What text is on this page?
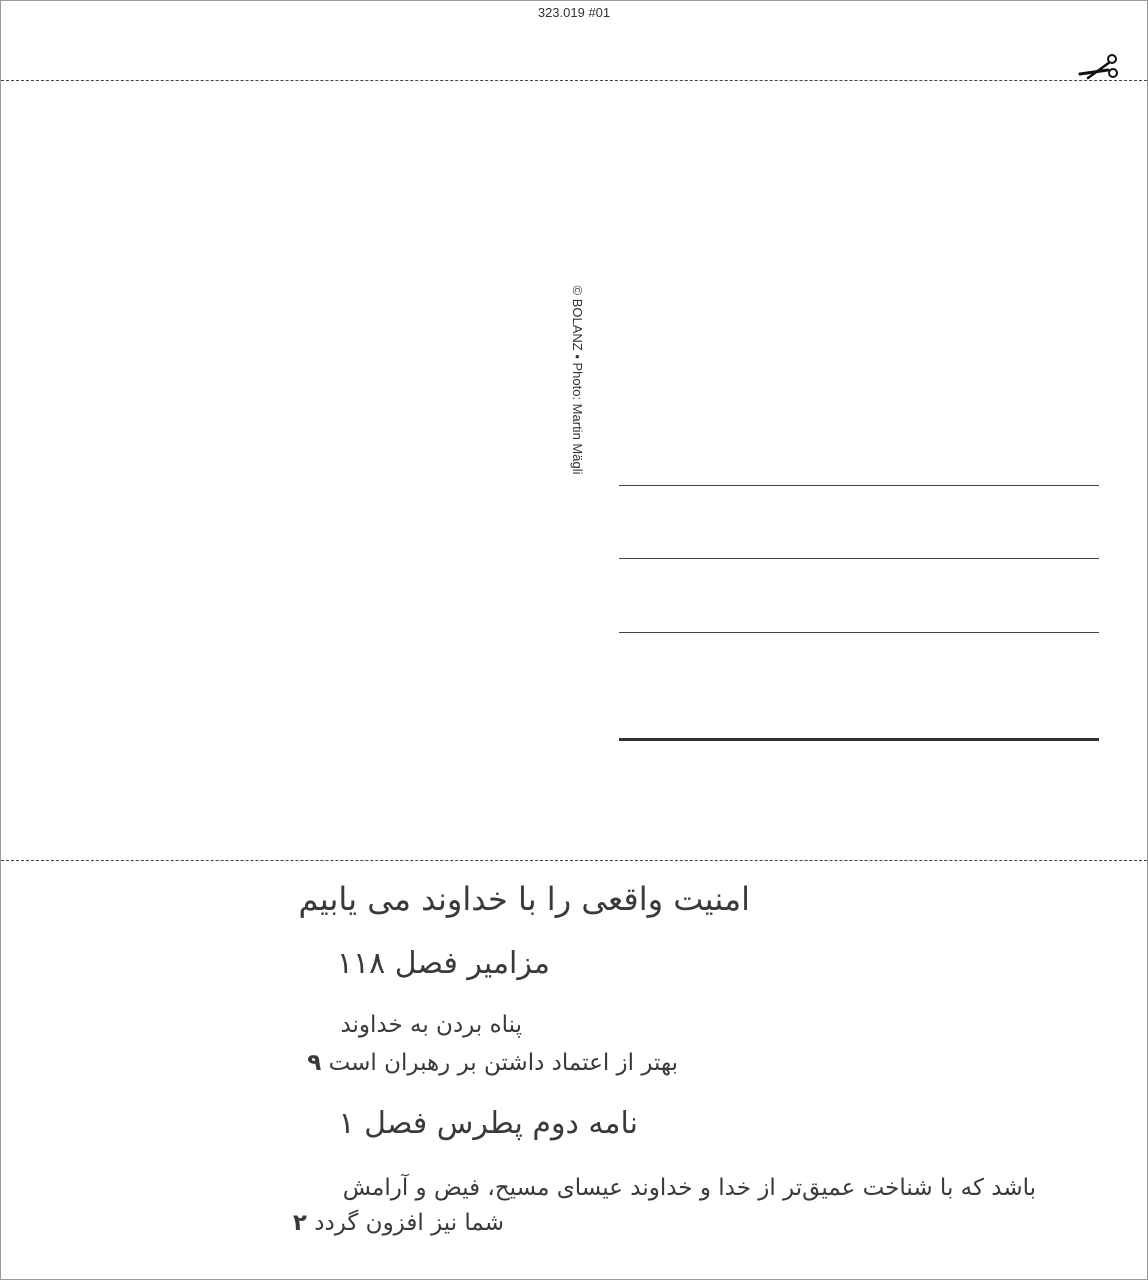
323.019 #01
© BOLANZ • Photo: Martin Mägli
امنیت واقعی را با خداوند می یابیم
مزامیر فصل ۱۱۸
پناه بردن به خداوند
بهتر از اعتماد داشتن بر رهبران است ۹
نامه دوم پطرس فصل ۱
باشد که با شناخت عمیق‌تر از خدا و خداوند عیسای مسیح، فیض و آرامش
شما نیز افزون گردد ۲
